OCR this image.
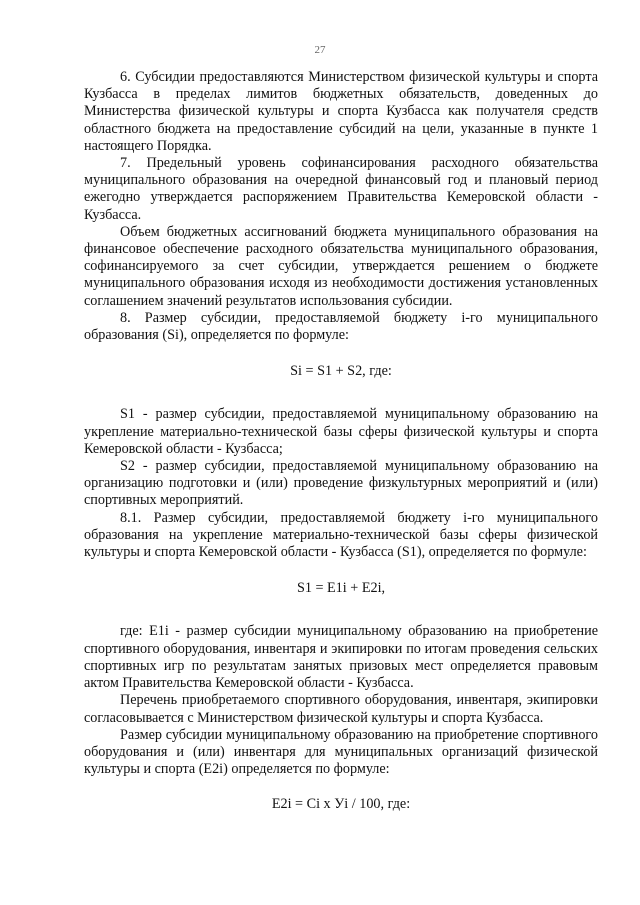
27

6. Субсидии предоставляются Министерством физической культуры и спорта Кузбасса в пределах лимитов бюджетных обязательств, доведенных до Министерства физической культуры и спорта Кузбасса как получателя средств областного бюджета на предоставление субсидий на цели, указанные в пункте 1 настоящего Порядка.

7. Предельный уровень софинансирования расходного обязательства муниципального образования на очередной финансовый год и плановый период ежегодно утверждается распоряжением Правительства Кемеровской области - Кузбасса.

Объем бюджетных ассигнований бюджета муниципального образования на финансовое обеспечение расходного обязательства муниципального образования, софинансируемого за счет субсидии, утверждается решением о бюджете муниципального образования исходя из необходимости достижения установленных соглашением значений результатов использования субсидии.

8. Размер субсидии, предоставляемой бюджету i-го муниципального образования (Si), определяется по формуле:

Si = S1 + S2, где:

S1 - размер субсидии, предоставляемой муниципальному образованию на укрепление материально-технической базы сферы физической культуры и спорта Кемеровской области - Кузбасса;

S2 - размер субсидии, предоставляемой муниципальному образованию на организацию подготовки и (или) проведение физкультурных мероприятий и (или) спортивных мероприятий.

8.1. Размер субсидии, предоставляемой бюджету i-го муниципального образования на укрепление материально-технической базы сферы физической культуры и спорта Кемеровской области - Кузбасса (S1), определяется по формуле:

S1 = E1i + E2i,

где: E1i - размер субсидии муниципальному образованию на приобретение спортивного оборудования, инвентаря и экипировки по итогам проведения сельских спортивных игр по результатам занятых призовых мест определяется правовым актом Правительства Кемеровской области - Кузбасса.

Перечень приобретаемого спортивного оборудования, инвентаря, экипировки согласовывается с Министерством физической культуры и спорта Кузбасса.

Размер субсидии муниципальному образованию на приобретение спортивного оборудования и (или) инвентаря для муниципальных организаций физической культуры и спорта (E2i) определяется по формуле:

E2i = Ci x Уi / 100, где:
